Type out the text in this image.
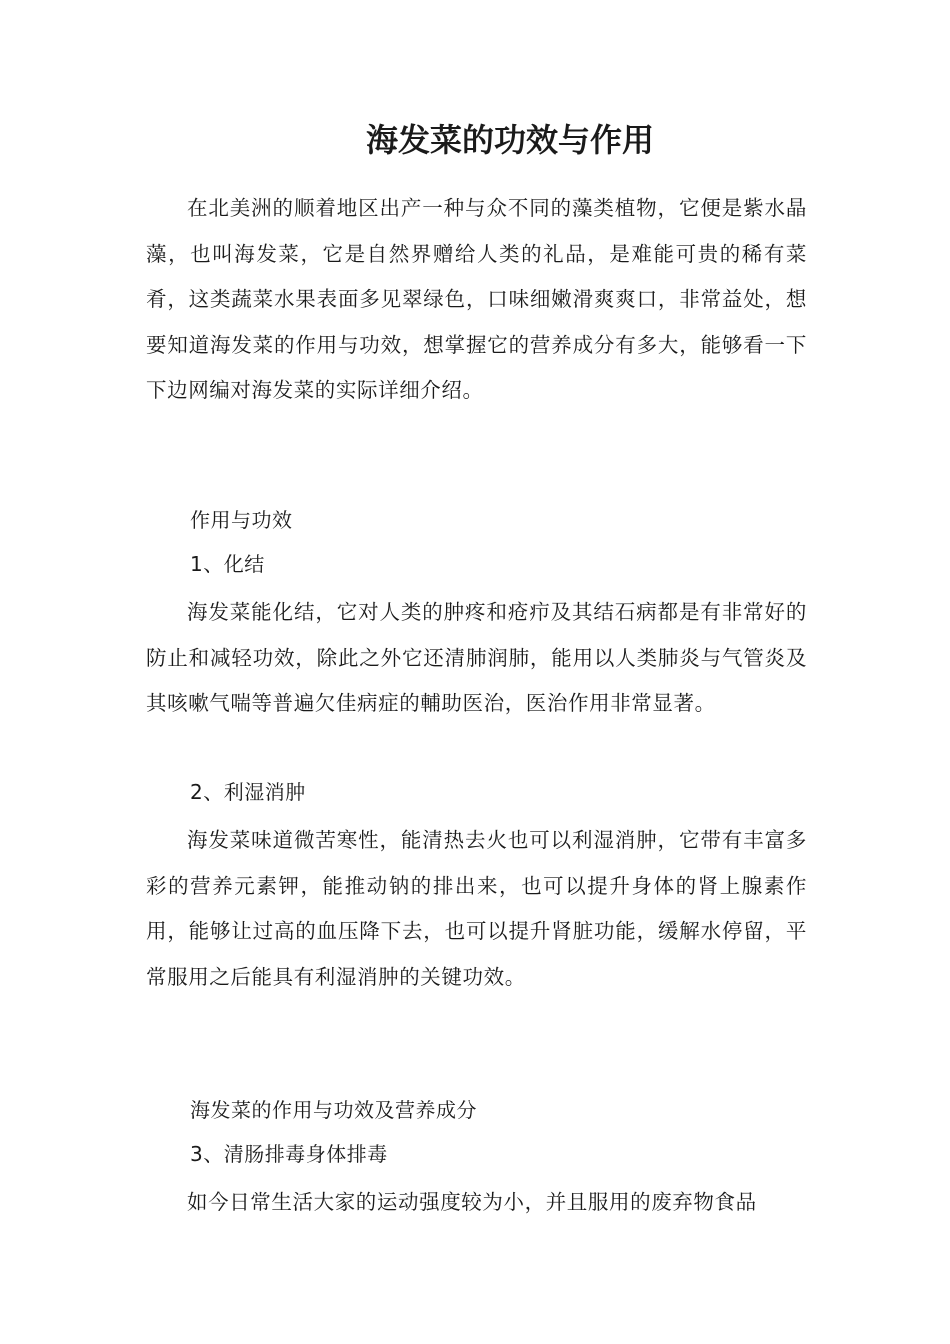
海发菜的功效与作用

在北美洲的顺着地区出产一种与众不同的藻类植物，它便是紫水晶藻，也叫海发菜，它是自然界赠给人类的礼品，是难能可贵的稀有菜肴，这类蔬菜水果表面多见翠绿色，口味细嫩滑爽爽口，非常益处，想要知道海发菜的作用与功效，想掌握它的营养成分有多大，能够看一下下边网编对海发菜的实际详细介绍。

作用与功效

1、化结

海发菜能化结，它对人类的肿疼和疮疖及其结石病都是有非常好的防止和减轻功效，除此之外它还清肺润肺，能用以人类肺炎与气管炎及其咳嗽气喘等普遍欠佳病症的輔助医治，医治作用非常显著。

2、利湿消肿

海发菜味道微苦寒性，能清热去火也可以利湿消肿，它带有丰富多彩的营养元素钾，能推动钠的排出来，也可以提升身体的肾上腺素作用，能够让过高的血压降下去，也可以提升肾脏功能，缓解水停留，平常服用之后能具有利湿消肿的关键功效。

海发菜的作用与功效及营养成分

3、清肠排毒身体排毒

如今日常生活大家的运动强度较为小，并且服用的废弃物食品
